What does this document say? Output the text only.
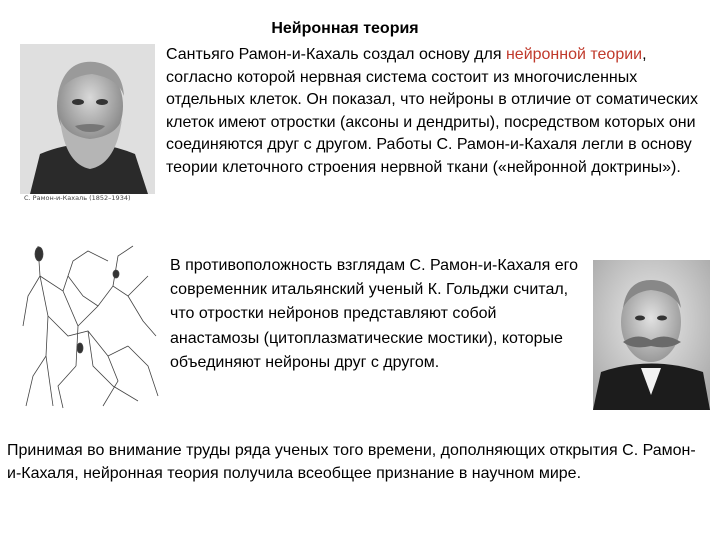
Нейронная теория
С. Рамон-и-Кахаль (1852–1934)

Сантьяго Рамон-и-Кахаль создал основу для нейронной теории, согласно которой нервная система состоит из многочисленных отдельных клеток. Он показал, что нейроны в отличие от соматических клеток имеют отростки (аксоны и дендриты), посредством которых они соединяются друг с другом. Работы С. Рамон-и-Кахаля легли в основу теории клеточного строения нервной ткани («нейронной доктрины»).

В противоположность взглядам С. Рамон-и-Кахаля его современник итальянский ученый К. Гольджи считал, что отростки нейронов представляют собой анастамозы (цитоплазматические мостики), которые объединяют нейроны друг с другом.

Принимая во внимание труды ряда ученых того времени, дополняющих открытия С. Рамон-и-Кахаля, нейронная теория получила всеобщее признание в научном мире.
